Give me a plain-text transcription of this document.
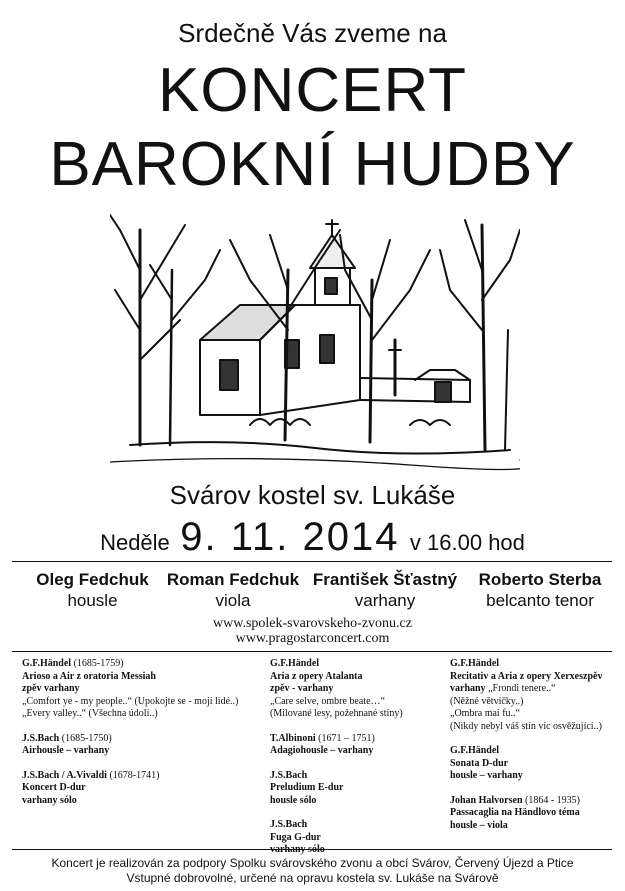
Srdečně Vás zveme na
KONCERT
BAROKNÍ HUDBY
Svárov kostel sv. Lukáše
Neděle 9. 11. 2014 v 16.00 hod
Oleg Fedchuk
housle
Roman Fedchuk
viola
František Šťastný
varhany
Roberto Sterba
belcanto tenor
www.spolek-svarovskeho-zvonu.cz
www.pragostarconcert.com
G.F.Händel (1685-1759)
Arioso a Air z oratoria Messiah
zpěv varhany
„Comfort ye - my people..“ (Upokojte se - moji lidé..)
„Every valley..“ (Všechna údolí..)
J.S.Bach (1685-1750)
Airhousle – varhany
J.S.Bach / A.Vivaldi (1678-1741)
Koncert D-dur
varhany sólo
G.F.Händel
Aria z opery Atalanta
zpěv - varhany
„Care selve, ombre beate…“
(Milované lesy, požehnané stíny)
T.Albinoni (1671 – 1751)
Adagiohousle – varhany
J.S.Bach
Preludium E-dur
housle sólo
J.S.Bach
Fuga G-dur
G.F.Händel
Recitativ a Aria z opery Xerxeszpěv
varhany „Frondi tenere..“
(Něžné větvičky..)
„Ombra mai fu..“
(Nikdy nebyl váš stín víc osvěžující..)
G.F.Händel
Sonata D-dur
housle – varhany
Johan Halvorsen (1864 - 1935)
Passacaglia na Händlovo téma
housle – viola
Koncert je realizován za podpory Spolku svárovského zvonu a obcí Svárov, Červený Újezd a Ptice
Vstupné dobrovolné, určené na opravu kostela sv. Lukáše na Svárově
